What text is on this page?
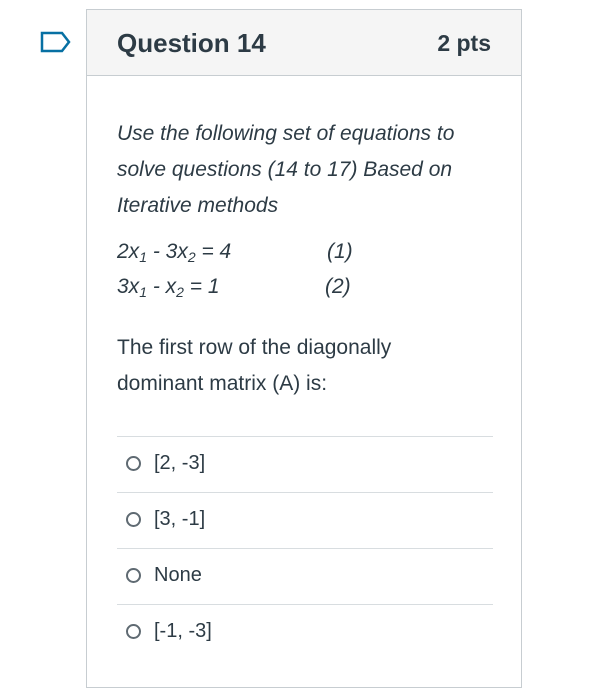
Question 14	2 pts

Use the following set of equations to
solve questions (14 to 17) Based on
Iterative methods

$2x_1 - 3x_2 = 4$	(1)
$3x_1 - x_2 = 1$	(2)
The first row of the diagonally
dominant matrix (A) is:
[2, -3]
[3, -1]
None
[-1, -3]
